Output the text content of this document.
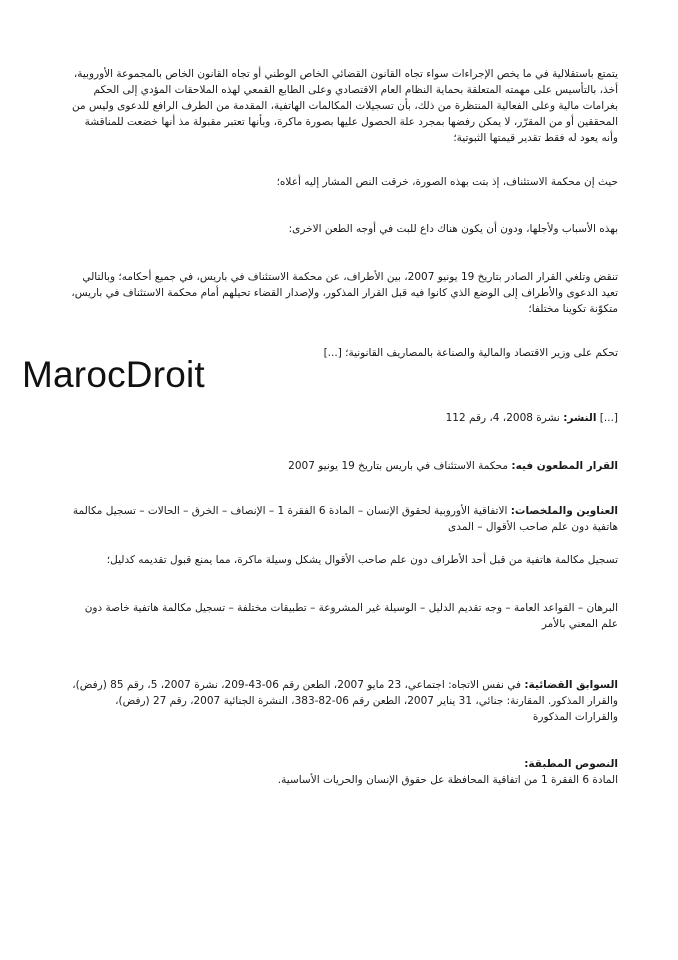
يتمتع باستقلالية في ما يخص الإجراءات سواء تجاه القانون القضائي الخاص الوطني أو تجاه القانون الخاص بالمجموعة الأوروبية، أخذ، بالتأسيس على مهمته المتعلقة بحماية النظام العام الاقتصادي وعلى الطابع القمعي لهذه الملاحقات المؤدي إلى الحكم بغرامات مالية وعلى الفعالية المنتظرة من ذلك، بأن تسجيلات المكالمات الهاتفية، المقدمة من الطرف الرافع للدعوى وليس من المحققين أو من المقرّر، لا يمكن رفضها بمجرد علة الحصول عليها بصورة ماكرة، وبأنها تعتبر مقبولة مذ أنها خضعت للمناقشة وأنه يعود له فقط تقدير قيمتها الثبوتية؛
حيث إن محكمة الاستئناف، إذ بتت بهذه الصورة، خرقت النص المشار إليه أعلاه؛
بهذه الأسباب ولأجلها، ودون أن يكون هناك داع للبت في أوجه الطعن الاخرى:
تنقض وتلغي القرار الصادر بتاريخ 19 يونيو 2007، بين الأطراف، عن محكمة الاستئناف في باريس، في جميع أحكامه؛ وبالتالي تعيد الدعوى والأطراف إلى الوضع الذي كانوا فيه قبل القرار المذكور، ولإصدار القضاء تحيلهم أمام محكمة الاستئناف في باريس، متكوّنة تكوينا مختلفا؛
تحكم على وزير الاقتصاد والمالية والصناعة بالمصاريف القانونية؛ [...]
MarocDroit
[...] النشر: نشرة 2008، 4، رقم 112
القرار المطعون فيه: محكمة الاستئناف في باريس بتاريخ 19 يونيو 2007
العناوين والملخصات: الاتفاقية الأوروبية لحقوق الإنسان – المادة 6 الفقرة 1 – الإنصاف – الخرق – الحالات – تسجيل مكالمة هاتفية دون علم صاحب الأقوال – المدى
تسجيل مكالمة هاتفية من قبل أحد الأطراف دون علم صاحب الأقوال يشكل وسيلة ماكرة، مما يمنع قبول تقديمه كدليل؛
البرهان – القواعد العامة – وجه تقديم الدليل – الوسيلة غير المشروعة – تطبيقات مختلفة – تسجيل مكالمة هاتفية خاصة دون علم المعني بالأمر
السوابق القضائية: في نفس الاتجاه: اجتماعي، 23 مايو 2007، الطعن رقم 06-43-209، نشرة 2007، 5، رقم 85 (رفض)، والقرار المذكور. المقارنة: جنائي، 31 يناير 2007، الطعن رقم 06-82-383، النشرة الجنائية 2007، رقم 27 (رفض)، والقرارات المذكورة
النصوص المطبقة:
المادة 6 الفقرة 1 من اتفاقية المحافظة عل حقوق الإنسان والحريات الأساسية.
